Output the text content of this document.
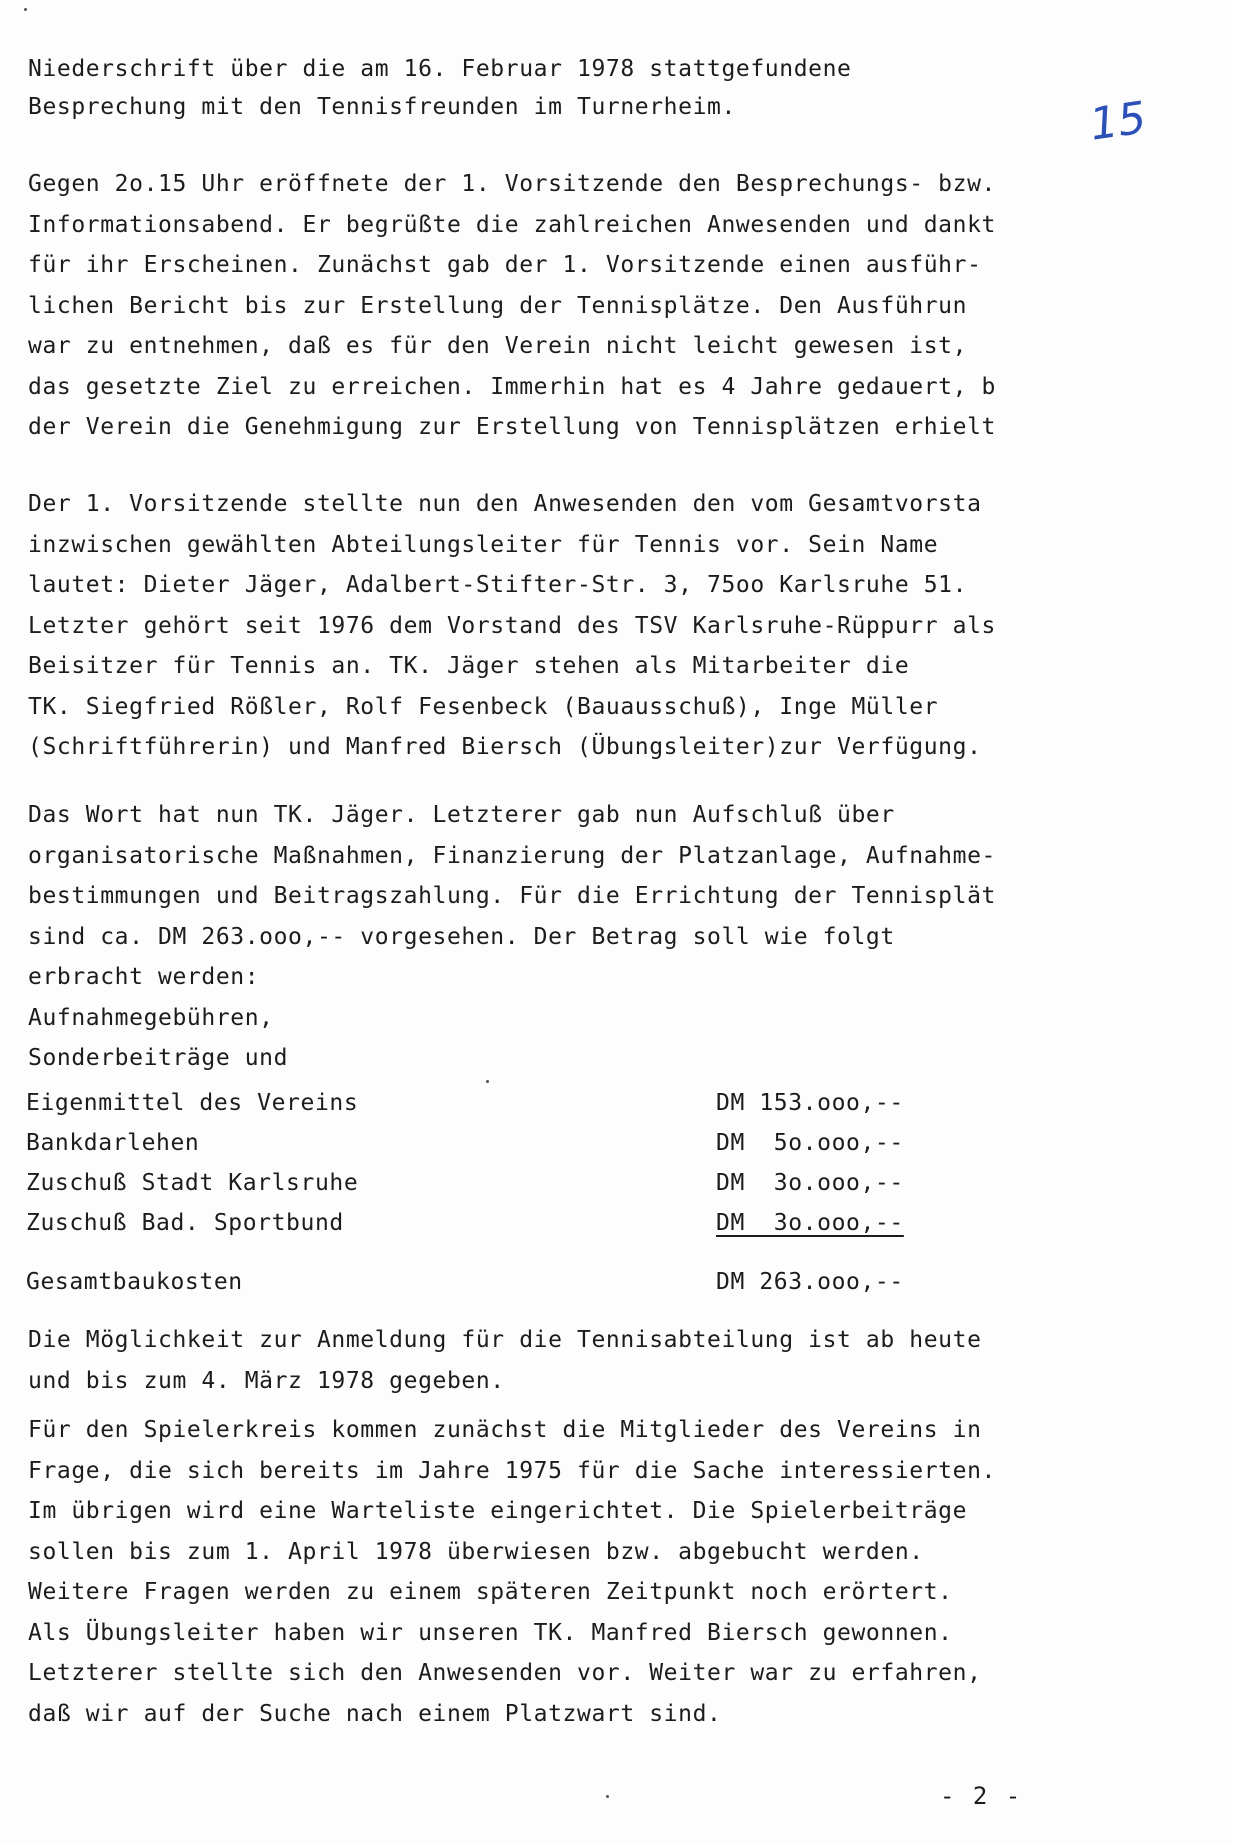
15
Niederschrift über die am 16. Februar 1978 stattgefundene
Besprechung mit den Tennisfreunden im Turnerheim.
Gegen 2o.15 Uhr eröffnete der 1. Vorsitzende den Besprechungs- bzw.
Informationsabend. Er begrüßte die zahlreichen Anwesenden und dankt
für ihr Erscheinen. Zunächst gab der 1. Vorsitzende einen ausführ-
lichen Bericht bis zur Erstellung der Tennisplätze. Den Ausführun
war zu entnehmen, daß es für den Verein nicht leicht gewesen ist,
das gesetzte Ziel zu erreichen. Immerhin hat es 4 Jahre gedauert, b
der Verein die Genehmigung zur Erstellung von Tennisplätzen erhielt
Der 1. Vorsitzende stellte nun den Anwesenden den vom Gesamtvorsta
inzwischen gewählten Abteilungsleiter für Tennis vor. Sein Name
lautet: Dieter Jäger, Adalbert-Stifter-Str. 3, 75oo Karlsruhe 51.
Letzter gehört seit 1976 dem Vorstand des TSV Karlsruhe-Rüppurr als
Beisitzer für Tennis an. TK. Jäger stehen als Mitarbeiter die
TK. Siegfried Rößler, Rolf Fesenbeck (Bauausschuß), Inge Müller
(Schriftführerin) und Manfred Biersch (Übungsleiter)zur Verfügung.
Das Wort hat nun TK. Jäger. Letzterer gab nun Aufschluß über
organisatorische Maßnahmen, Finanzierung der Platzanlage, Aufnahme-
bestimmungen und Beitragszahlung. Für die Errichtung der Tennisplät
sind ca. DM 263.ooo,-- vorgesehen. Der Betrag soll wie folgt
erbracht werden:
Aufnahmegebühren,
Sonderbeiträge und
Eigenmittel des Vereins	DM 153.ooo,--
Bankdarlehen	DM  5o.ooo,--
Zuschuß Stadt Karlsruhe	DM  3o.ooo,--
Zuschuß Bad. Sportbund	DM  3o.ooo,--
Gesamtbaukosten	DM 263.ooo,--
Die Möglichkeit zur Anmeldung für die Tennisabteilung ist ab heute
und bis zum 4. März 1978 gegeben.
Für den Spielerkreis kommen zunächst die Mitglieder des Vereins in
Frage, die sich bereits im Jahre 1975 für die Sache interessierten.
Im übrigen wird eine Warteliste eingerichtet. Die Spielerbeiträge
sollen bis zum 1. April 1978 überwiesen bzw. abgebucht werden.
Weitere Fragen werden zu einem späteren Zeitpunkt noch erörtert.
Als Übungsleiter haben wir unseren TK. Manfred Biersch gewonnen.
Letzterer stellte sich den Anwesenden vor. Weiter war zu erfahren,
daß wir auf der Suche nach einem Platzwart sind.
- 2 -
